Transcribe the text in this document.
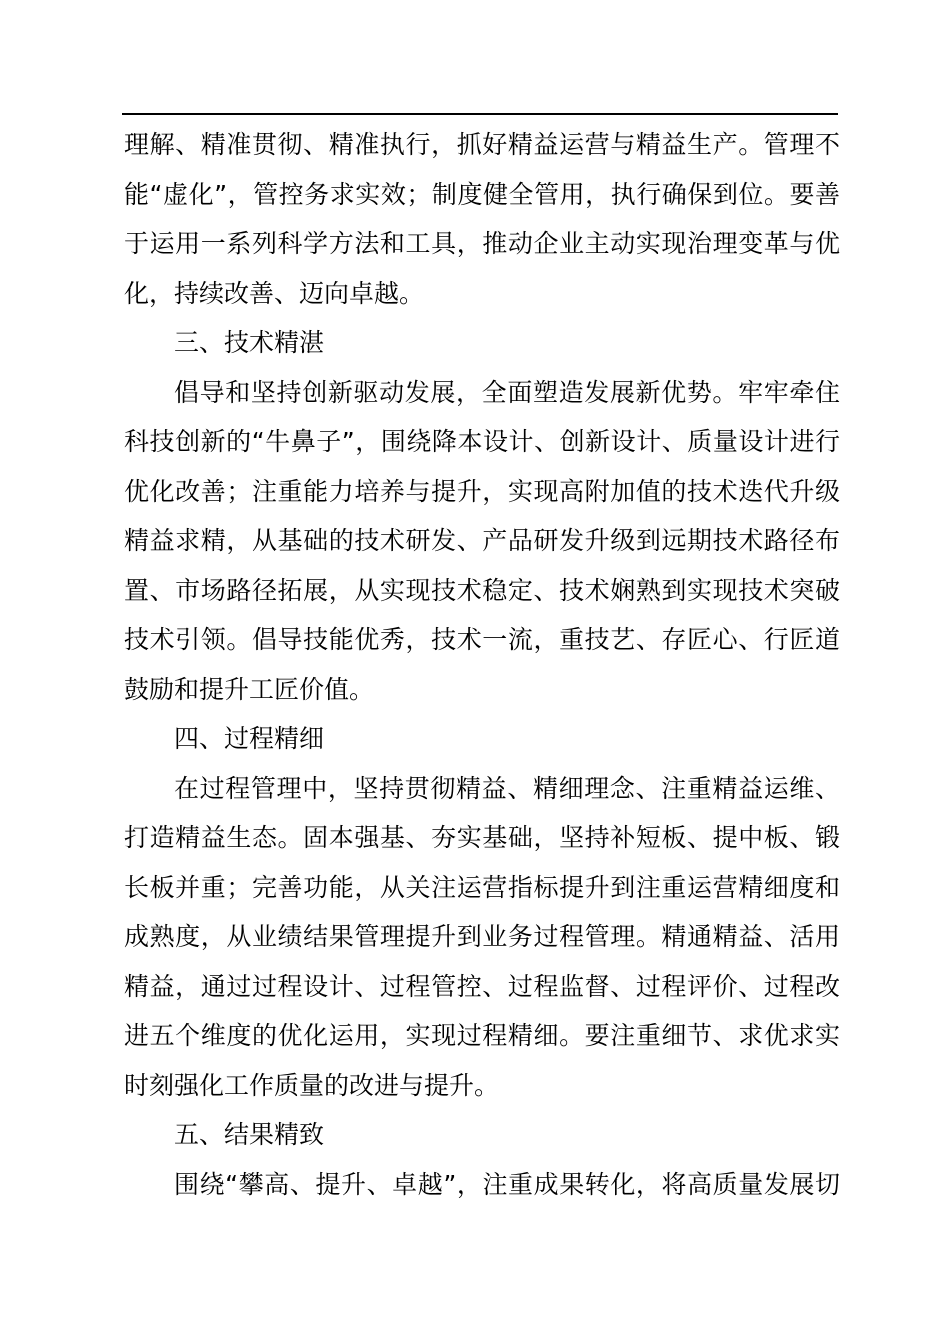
理解、精准贯彻、精准执行，抓好精益运营与精益生产。管理不
能“虚化”，管控务求实效；制度健全管用，执行确保到位。要善
于运用一系列科学方法和工具，推动企业主动实现治理变革与优
化，持续改善、迈向卓越。
三、技术精湛
倡导和坚持创新驱动发展，全面塑造发展新优势。牢牢牵住
科技创新的“牛鼻子”，围绕降本设计、创新设计、质量设计进行
优化改善；注重能力培养与提升，实现高附加值的技术迭代升级
精益求精，从基础的技术研发、产品研发升级到远期技术路径布
置、市场路径拓展，从实现技术稳定、技术娴熟到实现技术突破
技术引领。倡导技能优秀，技术一流，重技艺、存匠心、行匠道
鼓励和提升工匠价值。
四、过程精细
在过程管理中，坚持贯彻精益、精细理念、注重精益运维、
打造精益生态。固本强基、夯实基础，坚持补短板、提中板、锻
长板并重；完善功能，从关注运营指标提升到注重运营精细度和
成熟度，从业绩结果管理提升到业务过程管理。精通精益、活用
精益，通过过程设计、过程管控、过程监督、过程评价、过程改
进五个维度的优化运用，实现过程精细。要注重细节、求优求实
时刻强化工作质量的改进与提升。
五、结果精致
围绕“攀高、提升、卓越”，注重成果转化，将高质量发展切
